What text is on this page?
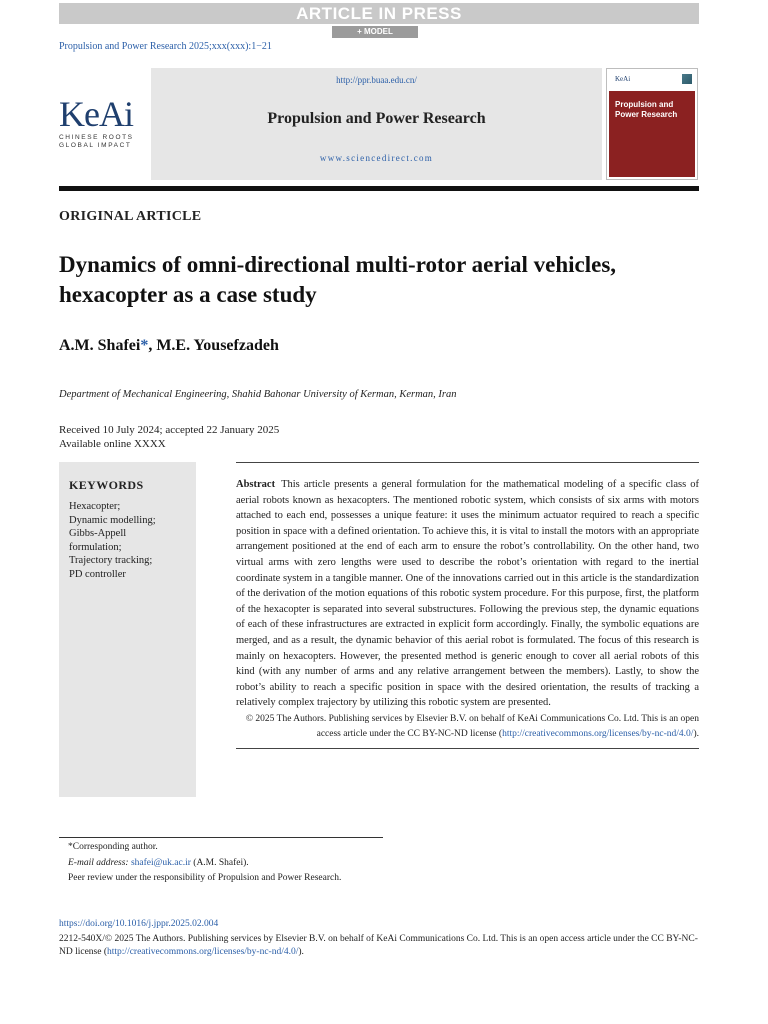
ARTICLE IN PRESS
+ MODEL
Propulsion and Power Research 2025;xxx(xxx):1−21
KeAi
CHINESE ROOTS
GLOBAL IMPACT
http://ppr.buaa.edu.cn/
Propulsion and Power Research
www.sciencedirect.com
KeAi
Propulsion and Power Research
ORIGINAL ARTICLE
Dynamics of omni-directional multi-rotor aerial vehicles, hexacopter as a case study
A.M. Shafei*, M.E. Yousefzadeh
Department of Mechanical Engineering, Shahid Bahonar University of Kerman, Kerman, Iran
Received 10 July 2024; accepted 22 January 2025
Available online XXXX
KEYWORDS
Hexacopter;
Dynamic modelling;
Gibbs-Appell
formulation;
Trajectory tracking;
PD controller
Abstract This article presents a general formulation for the mathematical modeling of a specific class of aerial robots known as hexacopters. The mentioned robotic system, which consists of six arms with motors attached to each end, possesses a unique feature: it uses the minimum actuator required to reach a specific position in space with a defined orientation. To achieve this, it is vital to install the motors with an appropriate arrangement positioned at the end of each arm to ensure the robot’s controllability. On the other hand, two virtual arms with zero lengths were used to describe the robot’s orientation with regard to the inertial coordinate system in a tangible manner. One of the innovations carried out in this article is the standardization of the derivation of the motion equations of this robotic system procedure. For this purpose, first, the platform of the hexacopter is separated into several substructures. Following the previous step, the dynamic equations of each of these infrastructures are extracted in explicit form accordingly. Finally, the symbolic equations are merged, and as a result, the dynamic behavior of this aerial robot is formulated. The focus of this research is mainly on hexacopters. However, the presented method is generic enough to cover all aerial robots of this kind (with any number of arms and any relative arrangement between the members). Lastly, to show the robot’s ability to reach a specific position in space with the desired orientation, the results of tracking a relatively complex trajectory by utilizing this robotic system are presented.
© 2025 The Authors. Publishing services by Elsevier B.V. on behalf of KeAi Communications Co. Ltd. This is an open access article under the CC BY-NC-ND license (http://creativecommons.org/licenses/by-nc-nd/4.0/).
*Corresponding author.
E-mail address: shafei@uk.ac.ir (A.M. Shafei).
Peer review under the responsibility of Propulsion and Power Research.
https://doi.org/10.1016/j.jppr.2025.02.004
2212-540X/© 2025 The Authors. Publishing services by Elsevier B.V. on behalf of KeAi Communications Co. Ltd. This is an open access article under the CC BY-NC-ND license (http://creativecommons.org/licenses/by-nc-nd/4.0/).
